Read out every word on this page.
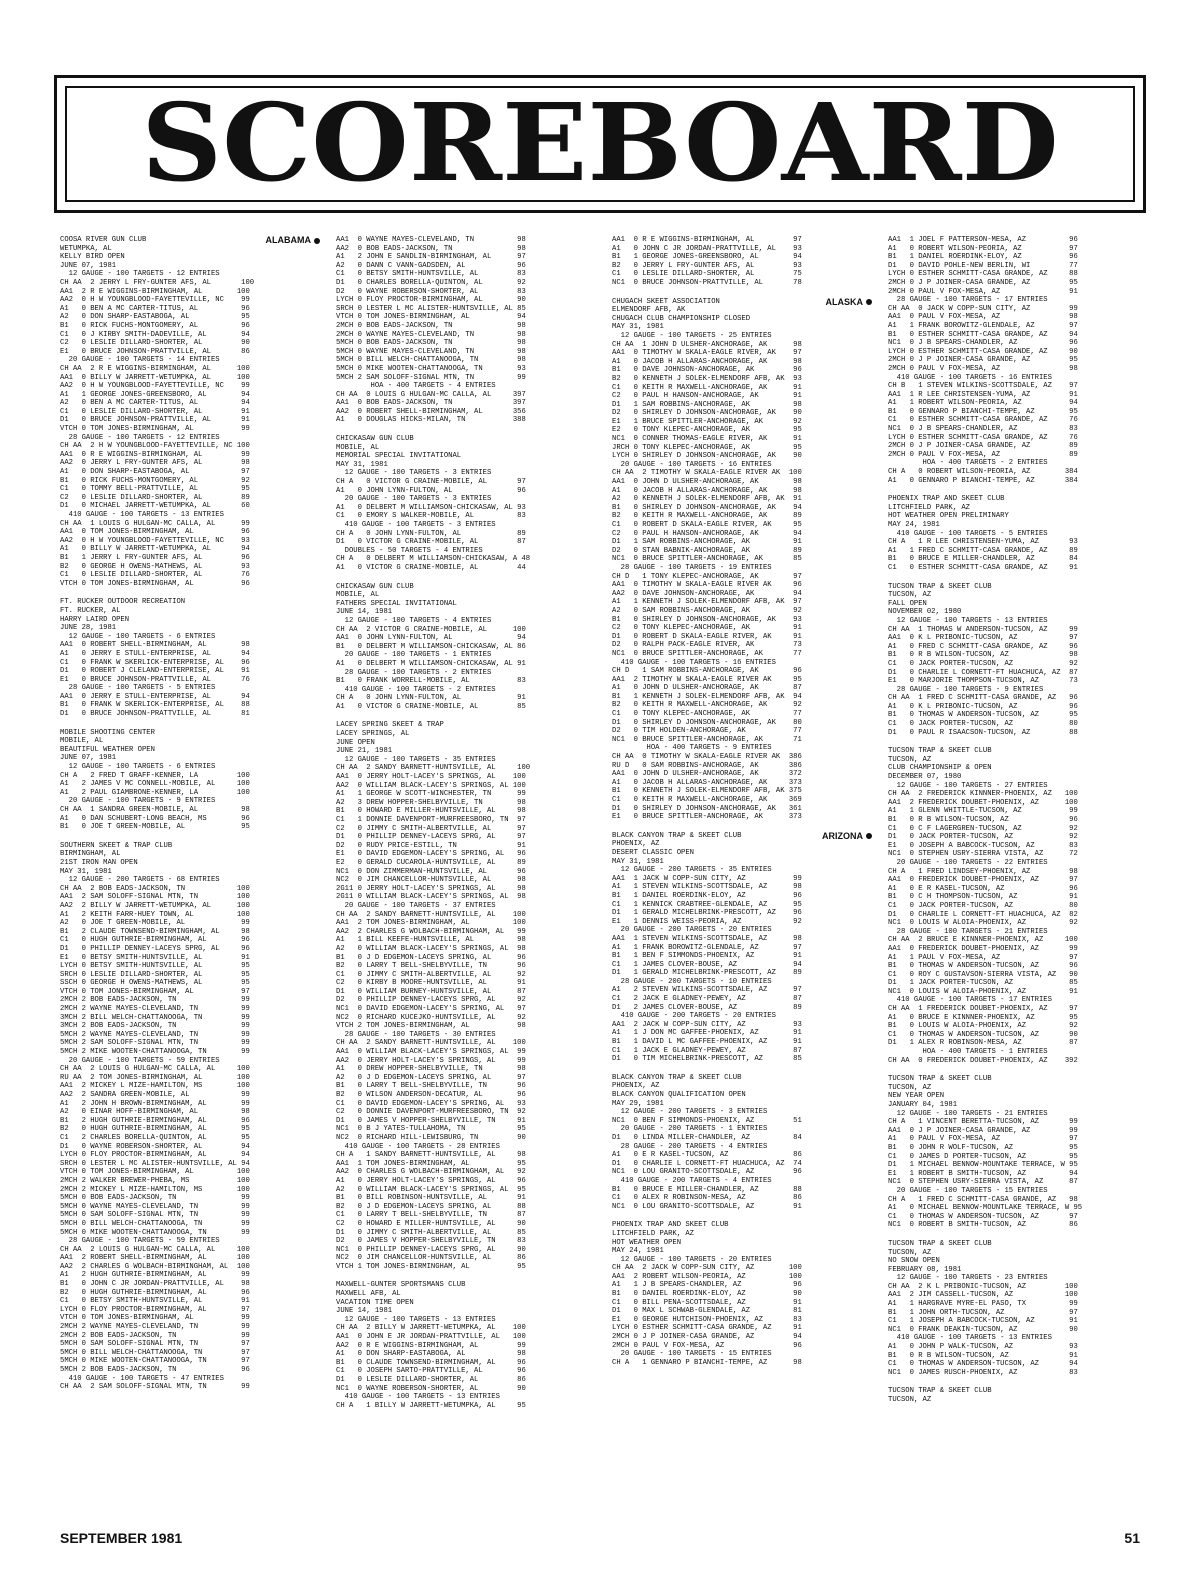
SCOREBOARD
COOSA RIVER GUN CLUB	ALABAMA
WETUMPKA, AL
KELLY BIRD OPEN
JUNE 07, 1981
12 GAUGE - 100 TARGETS - 12 ENTRIES
CH AA  2 JERRY L FRY-GUNTER AFS, AL       100
AA1  2 R E WIGGINS-BIRMINGHAM, AL        100
AA2  0 H W YOUNGBLOOD-FAYETTEVILLE, NC    99
A1   0 BEN A MC CARTER-TITUS, AL          96
A2   0 DON SHARP-EASTABOGA, AL            95
B1   0 RICK FUCHS-MONTGOMERY, AL          96
C1   0 J KIRBY SMITH-DADEVILLE, AL        94
C2   0 LESLIE DILLARD-SHORTER, AL         90
E1   0 BRUCE JOHNSON-PRATTVILLE, AL       86
20 GAUGE - 100 TARGETS - 14 ENTRIES
CH AA  2 R E WIGGINS-BIRMINGHAM, AL      100
AA1  0 BILLY W JARRETT-WETUMPKA, AL      100
AA2  0 H W YOUNGBLOOD-FAYETTEVILLE, NC    99
A1   1 GEORGE JONES-GREENSBORO, AL        94
A2   0 BEN A MC CARTER-TITUS, AL          94
C1   0 LESLIE DILLARD-SHORTER, AL         91
D1   0 BRUCE JOHNSON-PRATTVILLE, AL       91
VTCH 0 TOM JONES-BIRMINGHAM, AL           99
28 GAUGE - 100 TARGETS - 12 ENTRIES
CH AA  2 H W YOUNGBLOOD-FAYETTEVILLE, NC 100
AA1  0 R E WIGGINS-BIRMINGHAM, AL         99
AA2  0 JERRY L FRY-GUNTER AFS, AL         98
A1   0 DON SHARP-EASTABOGA, AL            97
B1   0 RICK FUCHS-MONTGOMERY, AL          92
C1   0 TOMMY BELL-PRATTVILLE, AL          95
C2   0 LESLIE DILLARD-SHORTER, AL         89
D1   0 MICHAEL JARRETT-WETUMPKA, AL       60
410 GAUGE - 100 TARGETS - 13 ENTRIES
CH AA  1 LOUIS G HULGAN-MC CALLA, AL      99
AA1  0 TOM JONES-BIRMINGHAM, AL           96
AA2  0 H W YOUNGBLOOD-FAYETTEVILLE, NC    93
A1   0 BILLY W JARRETT-WETUMPKA, AL       94
B1   1 JERRY L FRY-GUNTER AFS, AL         96
B2   0 GEORGE H OWENS-MATHEWS, AL         93
C1   0 LESLIE DILLARD-SHORTER, AL         76
VTCH 0 TOM JONES-BIRMINGHAM, AL           96
FT. RUCKER OUTDOOR RECREATION
FT. RUCKER, AL
HARRY LAIRD OPEN
JUNE 28, 1981
12 GAUGE - 100 TARGETS - 6 ENTRIES
AA1  0 ROBERT SHELL-BIRMINGHAM, AL        98
A1   0 JERRY E STULL-ENTERPRISE, AL       94
C1   0 FRANK W SKERLICK-ENTERPRISE, AL    96
D1   0 ROBERT J CLELAND-ENTERPRISE, AL    91
E1   0 BRUCE JOHNSON-PRATTVILLE, AL       76
28 GAUGE - 100 TARGETS - 5 ENTRIES
AA1  0 JERRY E STULL-ENTERPRISE, AL       94
B1   0 FRANK W SKERLICK-ENTERPRISE, AL    88
D1   0 BRUCE JOHNSON-PRATTVILLE, AL       81
MOBILE SHOOTING CENTER
MOBILE, AL
BEAUTIFUL WEATHER OPEN
JUNE 07, 1981
12 GAUGE - 100 TARGETS - 6 ENTRIES
CH A   2 FRED T GRAFF-KENNER, LA         100
A1   2 JAMES V MC CONNELL-MOBILE, AL     100
A1   2 PAUL GIAMBRONE-KENNER, LA         100
20 GAUGE - 100 TARGETS - 9 ENTRIES
CH AA  1 SANDRA GREEN-MOBILE, AL          98
A1   0 DAN SCHUBERT-LONG BEACH, MS        96
B1   0 JOE T GREEN-MOBILE, AL             95
SOUTHERN SKEET & TRAP CLUB
BIRMINGHAM, AL
21ST IRON MAN OPEN
MAY 31, 1981
12 GAUGE - 200 TARGETS - 68 ENTRIES
CH AA  2 BOB EADS-JACKSON, TN            100
AA1  2 SAM SOLOFF-SIGNAL MTN, TN         100
AA2  2 BILLY W JARRETT-WETUMPKA, AL      100
A1   2 KEITH FARR-HUEY TOWN, AL          100
A2   0 JOE T GREEN-MOBILE, AL             99
B1   2 CLAUDE TOWNSEND-BIRMINGHAM, AL     98
C1   0 HUGH GUTHRIE-BIRMINGHAM, AL        96
D1   0 PHILLIP DENNEY-LACEYS SPRG, AL     96
E1   0 BETSY SMITH-HUNTSVILLE, AL         91
LYCH 0 BETSY SMITH-HUNTSVILLE, AL         95
SRCH 0 LESLIE DILLARD-SHORTER, AL         95
SSCH 0 GEORGE H OWENS-MATHEWS, AL         95
VTCH 0 TOM JONES-BIRMINGHAM, AL           97
2MCH 2 BOB EADS-JACKSON, TN               99
2MCH 2 WAYNE MAYES-CLEVELAND, TN          99
3MCH 2 BILL WELCH-CHATTANOOGA, TN         99
3MCH 2 BOB EADS-JACKSON, TN               99
5MCH 2 WAYNE MAYES-CLEVELAND, TN          99
5MCH 2 SAM SOLOFF-SIGNAL MTN, TN          99
5MCH 2 MIKE WOOTEN-CHATTANOOGA, TN        99
20 GAUGE - 100 TARGETS - 59 ENTRIES
CH AA  2 LOUIS G HULGAN-MC CALLA, AL     100
RU AA  2 TOM JONES-BIRMINGHAM, AL        100
AA1  2 MICKEY L MIZE-HAMILTON, MS        100
AA2  2 SANDRA GREEN-MOBILE, AL            99
A1   2 JOHN H BROWN-BIRMINGHAM, AL        99
A2   0 EINAR HOFF-BIRMINGHAM, AL          98
B1   2 HUGH GUTHRIE-BIRMINGHAM, AL        96
B2   0 HUGH GUTHRIE-BIRMINGHAM, AL        95
C1   2 CHARLES BORELLA-QUINTON, AL        95
D1   0 WAYNE ROBERSON-SHORTER, AL         94
LYCH 0 FLOY PROCTOR-BIRMINGHAM, AL        94
SRCH 0 LESTER L MC ALISTER-HUNTSVILLE, AL 94
VTCH 0 TOM JONES-BIRMINGHAM, AL          100
2MCH 2 WALKER BREWER-PHEBA, MS           100
2MCH 2 MICKEY L MIZE-HAMILTON, MS        100
5MCH 0 BOB EADS-JACKSON, TN               99
5MCH 0 WAYNE MAYES-CLEVELAND, TN          99
5MCH 0 SAM SOLOFF-SIGNAL MTN, TN          99
5MCH 0 BILL WELCH-CHATTANOOGA, TN         99
5MCH 0 MIKE WOOTEN-CHATTANOOGA, TN        99
28 GAUGE - 100 TARGETS - 59 ENTRIES
CH AA  2 LOUIS G HULGAN-MC CALLA, AL     100
AA1  2 ROBERT SHELL-BIRMINGHAM, AL       100
AA2  2 CHARLES G WOLBACH-BIRMINGHAM, AL  100
A1   2 HUGH GUTHRIE-BIRMINGHAM, AL        99
B1   0 JOHN C JR JORDAN-PRATTVILLE, AL    98
B2   0 HUGH GUTHRIE-BIRMINGHAM, AL        96
C1   0 BETSY SMITH-HUNTSVILLE, AL         91
LYCH 0 FLOY PROCTOR-BIRMINGHAM, AL        97
VTCH 0 TOM JONES-BIRMINGHAM, AL           99
2MCH 2 WAYNE MAYES-CLEVELAND, TN          99
2MCH 2 BOB EADS-JACKSON, TN               99
5MCH 0 SAM SOLOFF-SIGNAL MTN, TN          97
5MCH 0 BILL WELCH-CHATTANOOGA, TN         97
5MCH 0 MIKE WOOTEN-CHATTANOOGA, TN        97
5MCH 2 BOB EADS-JACKSON, TN               96
410 GAUGE - 100 TARGETS - 47 ENTRIES
CH AA  2 SAM SOLOFF-SIGNAL MTN, TN        99
AA1  0 WAYNE MAYES-CLEVELAND, TN          98
AA2  0 BOB EADS-JACKSON, TN               98
A1   2 JOHN E SANDLIN-BIRMINGHAM, AL      97
A2   0 DANN C VANN-GADSDEN, AL            96
C1   0 BETSY SMITH-HUNTSVILLE, AL         83
D1   0 CHARLES BORELLA-QUINTON, AL        92
D2   0 WAYNE ROBERSON-SHORTER, AL         83
LYCH 0 FLOY PROCTOR-BIRMINGHAM, AL        90
SRCH 0 LESTER L MC ALISTER-HUNTSVILLE, AL 85
VTCH 0 TOM JONES-BIRMINGHAM, AL           94
2MCH 0 BOB EADS-JACKSON, TN               98
2MCH 0 WAYNE MAYES-CLEVELAND, TN          98
5MCH 0 BOB EADS-JACKSON, TN               98
5MCH 0 WAYNE MAYES-CLEVELAND, TN          98
5MCH 0 BILL WELCH-CHATTANOOGA, TN         98
5MCH 0 MIKE WOOTEN-CHATTANOOGA, TN        93
5MCH 2 SAM SOLOFF-SIGNAL MTN, TN          99
HOA - 400 TARGETS - 4 ENTRIES
CH AA  0 LOUIS G HULGAN-MC CALLA, AL     397
AA1  0 BOB EADS-JACKSON, TN              397
AA2  0 ROBERT SHELL-BIRMINGHAM, AL       356
A1   0 DOUGLAS HICKS-MILAN, TN           388
CHICKASAW GUN CLUB
MOBILE, AL
MEMORIAL SPECIAL INVITATIONAL
MAY 31, 1981
12 GAUGE - 100 TARGETS - 3 ENTRIES
CH A   0 VICTOR G CRAINE-MOBILE, AL       97
A1   0 JOHN LYNN-FULTON, AL               96
20 GAUGE - 100 TARGETS - 3 ENTRIES
A1   0 DELBERT M WILLIAMSON-CHICKASAW, AL 93
C1   0 EMORY S WALKER-MOBILE, AL          83
410 GAUGE - 100 TARGETS - 3 ENTRIES
CH A   0 JOHN LYNN-FULTON, AL             89
D1   0 VICTOR G CRAINE-MOBILE, AL         87
DOUBLES - 50 TARGETS - 4 ENTRIES
CH A   0 DELBERT M WILLIAMSON-CHICKASAW, A 48
A1   0 VICTOR G CRAINE-MOBILE, AL         44
CHICKASAW GUN CLUB
MOBILE, AL
FATHERS SPECIAL INVITATIONAL
JUNE 14, 1981
12 GAUGE - 100 TARGETS - 4 ENTRIES
CH AA  2 VICTOR G CRAINE-MOBILE, AL      100
AA1  0 JOHN LYNN-FULTON, AL               94
B1   0 DELBERT M WILLIAMSON-CHICKASAW, AL 86
20 GAUGE - 100 TARGETS - 1 ENTRIES
A1   0 DELBERT M WILLIAMSON-CHICKASAW, AL 91
28 GAUGE - 100 TARGETS - 2 ENTRIES
B1   0 FRANK WORRELL-MOBILE, AL           83
410 GAUGE - 100 TARGETS - 2 ENTRIES
CH A   0 JOHN LYNN-FULTON, AL             91
A1   0 VICTOR G CRAINE-MOBILE, AL         85
LACEY SPRING SKEET & TRAP
LACEY SPRINGS, AL
JUNE OPEN
JUNE 21, 1981
12 GAUGE - 100 TARGETS - 35 ENTRIES
CH AA  2 SANDY BARNETT-HUNTSVILLE, AL     100
AA1  0 JERRY HOLT-LACEY'S SPRINGS, AL    100
AA2  0 WILLIAM BLACK-LACEY'S SPRINGS, AL 100
A1   1 GEORGE W SCOTT-WINCHESTER, TN      99
A2   3 DREW HOPPER-SHELBYVILLE, TN        98
B1   0 HOWARD E MILLER-HUNTSVILLE, AL     98
C1   1 DONNIE DAVENPORT-MURFREESBORO, TN  97
C2   0 JIMMY C SMITH-ALBERTVILLE, AL      97
D1   0 PHILLIP DENNEY-LACEYS SPRG, AL     97
D2   0 RUDY PRICE-ESTILL, TN              91
E1   0 DAVID EDGEMON-LACEY'S SPRING, AL   96
E2   0 GERALD CUCAROLA-HUNTSVILLE, AL     89
NC1  0 DON ZIMMERMAN-HUNTSVILLE, AL       96
NC2  0 JIM CHANCELLOR-HUNTSVILLE, AL      98
2G11 0 JERRY HOLT-LACEY'S SPRINGS, AL     98
2G11 0 WILLIAM BLACK-LACEY'S SPRINGS, AL  98
20 GAUGE - 100 TARGETS - 37 ENTRIES
CH AA  2 SANDY BARNETT-HUNTSVILLE, AL    100
AA1  2 TOM JONES-BIRMINGHAM, AL          100
AA2  2 CHARLES G WOLBACH-BIRMINGHAM, AL   99
A1   1 BILL KEEFE-HUNTSVILLE, AL          98
A2   0 WILLIAM BLACK-LACEY'S SPRINGS, AL  98
B1   0 J D EDGEMON-LACEYS SPRING, AL      96
B2   0 LARRY T BELL-SHELBYVILLE, TN       96
C1   0 JIMMY C SMITH-ALBERTVILLE, AL      92
C2   0 KIRBY B MOORE-HUNTSVILLE, AL       91
D1   0 WILLIAM BURNEY-HUNTSVILLE, AL      87
D2   0 PHILLIP DENNEY-LACEYS SPRG, AL     92
NC1  0 DAVID EDGEMON-LACEY'S SPRING, AL   97
NC2  0 RICHARD KUCEJKO-HUNTSVILLE, AL     92
VTCH 2 TOM JONES-BIRMINGHAM, AL           98
28 GAUGE - 100 TARGETS - 30 ENTRIES
CH AA  2 SANDY BARNETT-HUNTSVILLE, AL    100
AA1  0 WILLIAM BLACK-LACEY'S SPRINGS, AL  99
AA2  0 JERRY HOLT-LACEY'S SPRINGS, AL     99
A1   0 DREW HOPPER-SHELBYVILLE, TN        98
A2   0 J D EDGEMON-LACEYS SPRING, AL      97
B1   0 LARRY T BELL-SHELBYVILLE, TN       96
B2   0 WILSON ANDERSON-DECATUR, AL        96
C1   0 DAVID EDGEMON-LACEY'S SPRING, AL   93
C2   0 DONNIE DAVENPORT-MURFREESBORO, TN  92
D1   0 JAMES V HOPPER-SHELBYVILLE, TN     91
NC1  0 B J YATES-TULLAHOMA, TN            95
NC2  0 RICHARD HILL-LEWISBURG, TN         90
410 GAUGE - 100 TARGETS - 28 ENTRIES
CH A   1 SANDY BARNETT-HUNTSVILLE, AL     98
AA1  1 TOM JONES-BIRMINGHAM, AL           95
AA2  0 CHARLES G WOLBACH-BIRMINGHAM, AL   92
A1   0 JERRY HOLT-LACEY'S SPRINGS, AL     96
A2   0 WILLIAM BLACK-LACEY'S SPRINGS, AL  95
B1   0 BILL ROBINSON-HUNTSVILLE, AL       91
B2   0 J D EDGEMON-LACEYS SPRING, AL      88
C1   0 LARRY T BELL-SHELBYVILLE, TN       87
C2   0 HOWARD E MILLER-HUNTSVILLE, AL     90
D1   0 JIMMY C SMITH-ALBERTVILLE, AL      85
D2   0 JAMES V HOPPER-SHELBYVILLE, TN     83
NC1  0 PHILLIP DENNEY-LACEYS SPRG, AL     90
NC2  0 JIM CHANCELLOR-HUNTSVILLE, AL      86
VTCH 1 TOM JONES-BIRMINGHAM, AL           95
MAXWELL-GUNTER SPORTSMANS CLUB
MAXWELL AFB, AL
VACATION TIME OPEN
JUNE 14, 1981
12 GAUGE - 100 TARGETS - 13 ENTRIES
CH AA  2 BILLY W JARRETT-WETUMPKA, AL    100
AA1  0 JOHN E JR JORDAN-PRATTVILLE, AL   100
AA2  0 R E WIGGINS-BIRMINGHAM, AL         99
A1   0 DON SHARP-EASTABOGA, AL            98
B1   0 CLAUDE TOWNSEND-BIRMINGHAM, AL     96
C1   0 JOSEPH SARTO-PRATTVILLE, AL        96
D1   0 LESLIE DILLARD-SHORTER, AL         86
NC1  0 WAYNE ROBERSON-SHORTER, AL         90
410 GAUGE - 100 TARGETS - 13 ENTRIES
CH A   1 BILLY W JARRETT-WETUMPKA, AL     95
AA1  0 R E WIGGINS-BIRMINGHAM, AL         97
A1   0 JOHN C JR JORDAN-PRATTVILLE, AL    93
B1   1 GEORGE JONES-GREENSBORO, AL        94
B2   0 JERRY L FRY-GUNTER AFS, AL         93
C1   0 LESLIE DILLARD-SHORTER, AL         75
NC1  0 BRUCE JOHNSON-PRATTVILLE, AL       78
CHUGACH SKEET ASSOCIATION	ALASKA
ELMENDORF AFB, AK
CHUGACH CLUB CHAMPIONSHIP CLOSED
MAY 31, 1981
12 GAUGE - 100 TARGETS - 25 ENTRIES
CH AA  1 JOHN D ULSHER-ANCHORAGE, AK      98
AA1  0 TIMOTHY W SKALA-EAGLE RIVER, AK    97
A1   0 JACOB H ALLARAS-ANCHORAGE, AK      98
B1   0 DAVE JOHNSON-ANCHORAGE, AK         96
B2   0 KENNETH J SOLEK-ELMENDORF AFB, AK  93
C1   0 KEITH R MAXWELL-ANCHORAGE, AK      91
C2   0 PAUL H HANSON-ANCHORAGE, AK        91
D1   1 SAM ROBBINS-ANCHORAGE, AK          98
D2   0 SHIRLEY D JOHNSON-ANCHORAGE, AK    90
E1   1 BRUCE SPITTLER-ANCHORAGE, AK       92
E2   0 TONY KLEPEC-ANCHORAGE, AK          95
NC1  0 CONNER THOMAS-EAGLE RIVER, AK      91
JRCH 0 TONY KLEPEC-ANCHORAGE, AK          95
LYCH 0 SHIRLEY D JOHNSON-ANCHORAGE, AK    90
20 GAUGE - 100 TARGETS - 16 ENTRIES
CH AA  2 TIMOTHY W SKALA-EAGLE RIVER AK  100
AA1  0 JOHN D ULSHER-ANCHORAGE, AK        98
A1   0 JACOB H ALLARAS-ANCHORAGE, AK      98
A2   0 KENNETH J SOLEK-ELMENDORF AFB, AK  91
B1   0 SHIRLEY D JOHNSON-ANCHORAGE, AK    94
B2   0 KEITH R MAXWELL-ANCHORAGE, AK      89
C1   0 ROBERT D SKALA-EAGLE RIVER, AK     95
C2   0 PAUL H HANSON-ANCHORAGE, AK        94
D1   1 SAM ROBBINS-ANCHORAGE, AK          91
D2   0 STAN BABNIK-ANCHORAGE, AK          89
NC1  0 BRUCE SPITTLER-ANCHORAGE, AK       85
28 GAUGE - 100 TARGETS - 19 ENTRIES
CH D   1 TONY KLEPEC-ANCHORAGE, AK        97
AA1  0 TIMOTHY W SKALA-EAGLE RIVER AK     96
AA2  0 DAVE JOHNSON-ANCHORAGE, AK         94
A1   1 KENNETH J SOLEK-ELMENDORF AFB, AK  97
A2   0 SAM ROBBINS-ANCHORAGE, AK          92
B1   0 SHIRLEY D JOHNSON-ANCHORAGE, AK    93
C2   0 TONY KLEPEC-ANCHORAGE, AK          91
D1   0 ROBERT D SKALA-EAGLE RIVER, AK     91
D2   0 RALPH PACK-EAGLE RIVER, AK         73
NC1  0 BRUCE SPITTLER-ANCHORAGE, AK       77
410 GAUGE - 100 TARGETS - 16 ENTRIES
CH D   1 SAM ROBBINS-ANCHORAGE, AK        96
AA1  2 TIMOTHY W SKALA-EAGLE RIVER AK     95
A1   0 JOHN D ULSHER-ANCHORAGE, AK        87
B1   1 KENNETH J SOLEK-ELMENDORF AFB, AK  94
B2   0 KEITH R MAXWELL-ANCHORAGE, AK      92
C1   0 TONY KLEPEC-ANCHORAGE, AK          77
D1   0 SHIRLEY D JOHNSON-ANCHORAGE, AK    80
D2   0 TIM HOLDEN-ANCHORAGE, AK           77
NC1  0 BRUCE SPITTLER-ANCHORAGE, AK       71
HOA - 400 TARGETS - 9 ENTRIES
CH AA  0 TIMOTHY W SKALA-EAGLE RIVER AK  386
RU D   0 SAM ROBBINS-ANCHORAGE, AK       386
AA1  0 JOHN D ULSHER-ANCHORAGE, AK       372
A1   0 JACOB H ALLARAS-ANCHORAGE, AK     373
B1   0 KENNETH J SOLEK-ELMENDORF AFB, AK 375
C1   0 KEITH R MAXWELL-ANCHORAGE, AK     369
D1   0 SHIRLEY D JOHNSON-ANCHORAGE, AK   361
E1   0 BRUCE SPITTLER-ANCHORAGE, AK      373
BLACK CANYON TRAP & SKEET CLUB	ARIZONA
PHOENIX, AZ
DESERT CLASSIC OPEN
MAY 31, 1981
12 GAUGE - 200 TARGETS - 35 ENTRIES
AA1  1 JACK W COPP-SUN CITY, AZ           99
A1   1 STEVEN WILKINS-SCOTTSDALE, AZ      98
B1   1 DANIEL ROERDINK-ELOY, AZ           96
C1   1 KENNICK CRABTREE-GLENDALE, AZ      95
D1   1 GERALD MICHELBRINK-PRESCOTT, AZ    96
E1   1 DENNIS WEISS-PEORIA, AZ            92
20 GAUGE - 200 TARGETS - 20 ENTRIES
AA1  1 STEVEN WILKINS-SCOTTSDALE, AZ      98
A1   1 FRANK BOROWITZ-GLENDALE, AZ        97
B1   1 BEN F SIMMONDS-PHOENIX, AZ         91
C1   1 JAMES CLOVER-BOUSE, AZ             94
D1   1 GERALD MICHELBRINK-PRESCOTT, AZ    89
28 GAUGE - 200 TARGETS - 10 ENTRIES
A1   2 STEVEN WILKINS-SCOTTSDALE, AZ      97
C1   2 JACK E GLADNEY-PEWEY, AZ           87
D1   2 JAMES CLOVER-BOUSE, AZ             89
410 GAUGE - 200 TARGETS - 20 ENTRIES
AA1  2 JACK W COPP-SUN CITY, AZ           93
A1   1 J DON MC GAFFEE-PHOENIX, AZ        91
B1   1 DAVID L MC GAFFEE-PHOENIX, AZ      91
C1   1 JACK E GLADNEY-PEWEY, AZ           87
D1   0 TIM MICHELBRINK-PRESCOTT, AZ       85
BLACK CANYON TRAP & SKEET CLUB
PHOENIX, AZ
BLACK CANYON QUALIFICATION OPEN
MAY 29, 1981
12 GAUGE - 200 TARGETS - 3 ENTRIES
NC1  0 BEN F SIMMONDS-PHOENIX, AZ         51
20 GAUGE - 200 TARGETS - 1 ENTRIES
D1   0 LINDA MILLER-CHANDLER, AZ          84
28 GAUGE - 200 TARGETS - 4 ENTRIES
A1   0 E R KASEL-TUCSON, AZ               86
D1   0 CHARLIE L CORNETT-FT HUACHUCA, AZ  74
NC1  0 LOU GRANITO-SCOTTSDALE, AZ         96
410 GAUGE - 200 TARGETS - 4 ENTRIES
B1   0 BRUCE E MILLER-CHANDLER, AZ        88
C1   0 ALEX R ROBINSON-MESA, AZ           86
NC1  0 LOU GRANITO-SCOTTSDALE, AZ         91
PHOENIX TRAP AND SKEET CLUB
LITCHFIELD PARK, AZ
HOT WEATHER OPEN
MAY 24, 1981
12 GAUGE - 100 TARGETS - 20 ENTRIES
CH AA  2 JACK W COPP-SUN CITY, AZ        100
AA1  2 ROBERT WILSON-PEORIA, AZ          100
A1   1 J B SPEARS-CHANDLER, AZ            96
B1   0 DANIEL ROERDINK-ELOY, AZ           90
C1   0 BILL PENA-SCOTTSDALE, AZ           91
D1   0 MAX L SCHWAB-GLENDALE, AZ          81
E1   0 GEORGE HUTCHISON-PHOENIX, AZ       83
LYCH 0 ESTHER SCHMITT-CASA GRANDE, AZ     91
2MCH 0 J P JOINER-CASA GRANDE, AZ         94
2MCH 0 PAUL V FOX-MESA, AZ                96
20 GAUGE - 100 TARGETS - 15 ENTRIES
CH A   1 GENNARO P BIANCHI-TEMPE, AZ      98
AA1  1 JOEL F PATTERSON-MESA, AZ          96
A1   0 ROBERT WILSON-PEORIA, AZ           97
B1   1 DANIEL ROERDINK-ELOY, AZ           96
D1   0 DAVID POHLE-NEW BERLIN, WI         77
LYCH 0 ESTHER SCHMITT-CASA GRANDE, AZ     88
2MCH 0 J P JOINER-CASA GRANDE, AZ         95
2MCH 0 PAUL V FOX-MESA, AZ                91
28 GAUGE - 100 TARGETS - 17 ENTRIES
CH AA  0 JACK W COPP-SUN CITY, AZ         99
AA1  0 PAUL V FOX-MESA, AZ                98
A1   1 FRANK BOROWITZ-GLENDALE, AZ        97
B1   0 ESTHER SCHMITT-CASA GRANDE, AZ     94
NC1  0 J B SPEARS-CHANDLER, AZ            96
LYCH 0 ESTHER SCHMITT-CASA GRANDE, AZ     90
2MCH 0 J P JOINER-CASA GRANDE, AZ         95
2MCH 0 PAUL V FOX-MESA, AZ                98
410 GAUGE - 100 TARGETS - 16 ENTRIES
CH B   1 STEVEN WILKINS-SCOTTSDALE, AZ    97
AA1  1 R LEE CHRISTENSEN-YUMA, AZ         91
A1   1 ROBERT WILSON-PEORIA, AZ           94
B1   0 GENNARO P BIANCHI-TEMPE, AZ        95
C1   0 ESTHER SCHMITT-CASA GRANDE, AZ     76
NC1  0 J B SPEARS-CHANDLER, AZ            83
LYCH 0 ESTHER SCHMITT-CASA GRANDE, AZ     76
2MCH 0 J P JOINER-CASA GRANDE, AZ         89
2MCH 0 PAUL V FOX-MESA, AZ                89
HOA - 400 TARGETS - 2 ENTRIES
CH A   0 ROBERT WILSON-PEORIA, AZ        384
A1   0 GENNARO P BIANCHI-TEMPE, AZ       384
PHOENIX TRAP AND SKEET CLUB
LITCHFIELD PARK, AZ
HOT WEATHER OPEN PRELIMINARY
MAY 24, 1981
410 GAUGE - 100 TARGETS - 5 ENTRIES
CH A   1 R LEE CHRISTENSEN-YUMA, AZ       93
A1   1 FRED C SCHMITT-CASA GRANDE, AZ     89
B1   0 BRUCE E MILLER-CHANDLER, AZ        84
C1   0 ESTHER SCHMITT-CASA GRANDE, AZ     91
TUCSON TRAP & SKEET CLUB
TUCSON, AZ
FALL OPEN
NOVEMBER 02, 1980
12 GAUGE - 100 TARGETS - 13 ENTRIES
CH AA  1 THOMAS W ANDERSON-TUCSON, AZ     99
AA1  0 K L PRIBONIC-TUCSON, AZ            97
A1   0 FRED C SCHMITT-CASA GRANDE, AZ     96
B1   0 R B WILSON-TUCSON, AZ              98
C1   0 JACK PORTER-TUCSON, AZ             92
D1   0 CHARLIE L CORNETT-FT HUACHUCA, AZ  87
E1   0 MARJORIE THOMPSON-TUCSON, AZ       73
28 GAUGE - 100 TARGETS - 9 ENTRIES
CH AA  1 FRED C SCHMITT-CASA GRANDE, AZ   96
A1   0 K L PRIBONIC-TUCSON, AZ            96
B1   0 THOMAS W ANDERSON-TUCSON, AZ       95
C1   0 JACK PORTER-TUCSON, AZ             80
D1   0 PAUL R ISAACSON-TUCSON, AZ         88
TUCSON TRAP & SKEET CLUB
TUCSON, AZ
CLUB CHAMPIONSHIP & OPEN
DECEMBER 07, 1980
12 GAUGE - 100 TARGETS - 27 ENTRIES
CH AA  2 FREDERICK KINNNER-PHOENIX, AZ   100
AA1  2 FREDERICK DOUBET-PHOENIX, AZ      100
A1   1 GLENN WHITTLE-TUCSON, AZ           99
B1   0 R B WILSON-TUCSON, AZ              96
C1   0 C F LAGERGREN-TUCSON, AZ           92
D1   0 JACK PORTER-TUCSON, AZ             92
E1   0 JOSEPH A BABCOCK-TUCSON, AZ        83
NC1  0 STEPHEN USRY-SIERRA VISTA, AZ      72
20 GAUGE - 100 TARGETS - 22 ENTRIES
CH A   1 FRED LINDSEY-PHOENIX, AZ         98
AA1  0 FREDERICK DOUBET-PHOENIX, AZ       97
A1   0 E R KASEL-TUCSON, AZ               96
B1   0 C H THOMPSON-TUCSON, AZ            91
C1   0 JACK PORTER-TUCSON, AZ             80
D1   0 CHARLIE L CORNETT-FT HUACHUCA, AZ  82
NC1  0 LOUIS W ALOIA-PHOENIX, AZ          92
28 GAUGE - 100 TARGETS - 21 ENTRIES
CH AA  2 BRUCE E KINNNER-PHOENIX, AZ     100
AA1  0 FREDERICK DOUBET-PHOENIX, AZ       99
A1   1 PAUL V FOX-MESA, AZ                97
B1   0 THOMAS W ANDERSON-TUCSON, AZ       96
C1   0 ROY C GUSTAVSON-SIERRA VISTA, AZ   90
D1   1 JACK PORTER-TUCSON, AZ             85
NC1  0 LOUIS W ALOIA-PHOENIX, AZ          91
410 GAUGE - 100 TARGETS - 17 ENTRIES
CH AA  1 FREDERICK DOUBET-PHOENIX, AZ     97
A1   0 BRUCE E KINNNER-PHOENIX, AZ        95
B1   0 LOUIS W ALOIA-PHOENIX, AZ          92
C1   0 THOMAS W ANDERSON-TUCSON, AZ       90
D1   1 ALEX R ROBINSON-MESA, AZ           87
HOA - 400 TARGETS - 1 ENTRIES
CH AA  0 FREDERICK DOUBET-PHOENIX, AZ    392
TUCSON TRAP & SKEET CLUB
TUCSON, AZ
NEW YEAR OPEN
JANUARY 04, 1981
12 GAUGE - 100 TARGETS - 21 ENTRIES
CH A   1 VINCENT BERETTA-TUCSON, AZ       99
AA1  0 J P JOINER-CASA GRANDE, AZ         99
A1   0 PAUL V FOX-MESA, AZ                97
B1   0 JOHN R WOLF-TUCSON, AZ             95
C1   0 JAMES D PORTER-TUCSON, AZ          95
D1   1 MICHAEL BENNOW-MOUNTAKE TERRACE, W 95
E1   1 ROBERT B SMITH-TUCSON, AZ          94
NC1  0 STEPHEN USRY-SIERRA VISTA, AZ      87
20 GAUGE - 100 TARGETS - 15 ENTRIES
CH A   1 FRED C SCHMITT-CASA GRANDE, AZ   98
A1   0 MICHAEL BENNOW-MOUNTLAKE TERRACE, W 95
C1   0 THOMAS W ANDERSON-TUCSON, AZ       97
NC1  0 ROBERT B SMITH-TUCSON, AZ          86
TUCSON TRAP & SKEET CLUB
TUCSON, AZ
NO SNOW OPEN
FEBRUARY 08, 1981
12 GAUGE - 100 TARGETS - 23 ENTRIES
CH AA  2 K L PRIBONIC-TUCSON, AZ         100
AA1  2 JIM CASSELL-TUCSON, AZ            100
A1   1 HARGRAVE MYRE-EL PASO, TX          99
B1   1 JOHN ORTH-TUCSON, AZ               97
C1   1 JOSEPH A BABCOCK-TUCSON, AZ        91
NC1  0 FRANK DEAKIN-TUCSON, AZ            90
410 GAUGE - 100 TARGETS - 13 ENTRIES
A1   0 JOHN P WALK-TUCSON, AZ             93
B1   0 R B WILSON-TUCSON, AZ              91
C1   0 THOMAS W ANDERSON-TUCSON, AZ       94
NC1  0 JAMES RUSCH-PHOENIX, AZ            83
TUCSON TRAP & SKEET CLUB
TUCSON, AZ
SEPTEMBER 1981	51
